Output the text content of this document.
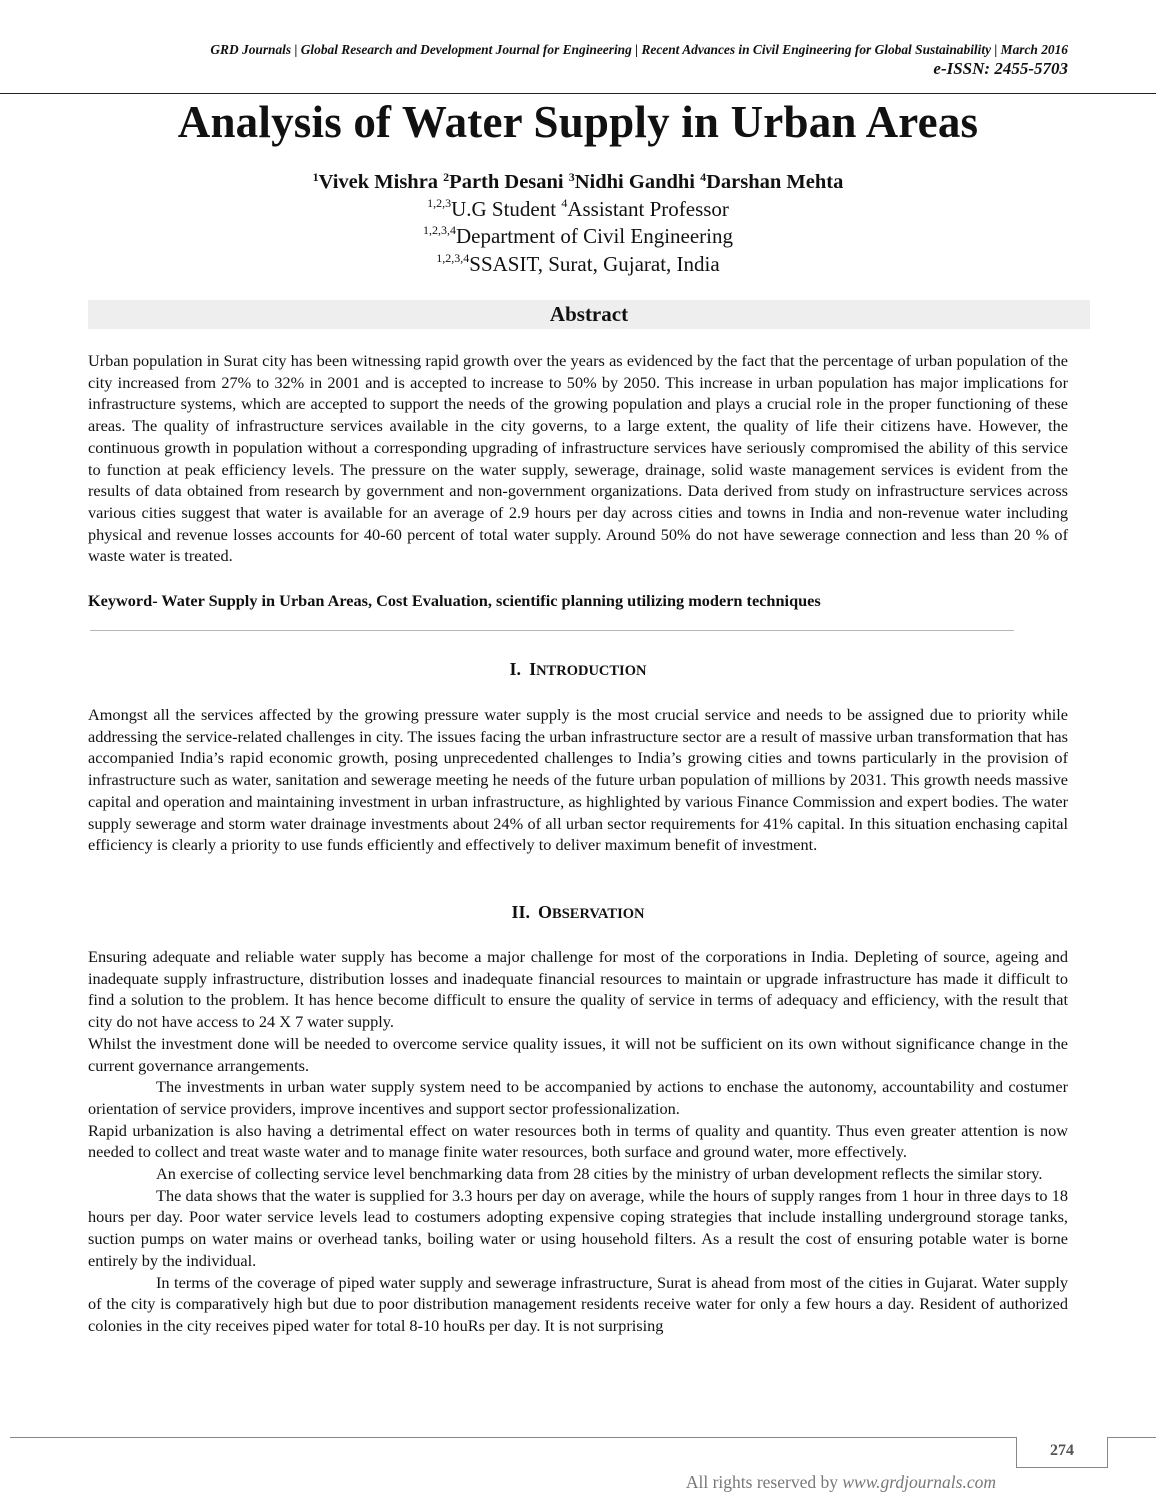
GRD Journals | Global Research and Development Journal for Engineering | Recent Advances in Civil Engineering for Global Sustainability | March 2016
e-ISSN: 2455-5703
Analysis of Water Supply in Urban Areas
$^1$Vivek Mishra $^2$Parth Desani $^3$Nidhi Gandhi $^4$Darshan Mehta
$^{1,2,3}$U.G Student $^4$Assistant Professor
$^{1,2,3,4}$Department of Civil Engineering
$^{1,2,3,4}$SSASIT, Surat, Gujarat, India
Abstract

Urban population in Surat city has been witnessing rapid growth over the years as evidenced by the fact that the percentage of urban population of the city increased from 27% to 32% in 2001 and is accepted to increase to 50% by 2050. This increase in urban population has major implications for infrastructure systems, which are accepted to support the needs of the growing population and plays a crucial role in the proper functioning of these areas. The quality of infrastructure services available in the city governs, to a large extent, the quality of life their citizens have. However, the continuous growth in population without a corresponding upgrading of infrastructure services have seriously compromised the ability of this service to function at peak efficiency levels. The pressure on the water supply, sewerage, drainage, solid waste management services is evident from the results of data obtained from research by government and non-government organizations. Data derived from study on infrastructure services across various cities suggest that water is available for an average of 2.9 hours per day across cities and towns in India and non-revenue water including physical and revenue losses accounts for 40-60 percent of total water supply. Around 50% do not have sewerage connection and less than 20 % of waste water is treated.

Keyword- Water Supply in Urban Areas, Cost Evaluation, scientific planning utilizing modern techniques
I. INTRODUCTION

Amongst all the services affected by the growing pressure water supply is the most crucial service and needs to be assigned due to priority while addressing the service-related challenges in city. The issues facing the urban infrastructure sector are a result of massive urban transformation that has accompanied India’s rapid economic growth, posing unprecedented challenges to India’s growing cities and towns particularly in the provision of infrastructure such as water, sanitation and sewerage meeting he needs of the future urban population of millions by 2031. This growth needs massive capital and operation and maintaining investment in urban infrastructure, as highlighted by various Finance Commission and expert bodies. The water supply sewerage and storm water drainage investments about 24% of all urban sector requirements for 41% capital. In this situation enchasing capital efficiency is clearly a priority to use funds efficiently and effectively to deliver maximum benefit of investment.

II. OBSERVATION

Ensuring adequate and reliable water supply has become a major challenge for most of the corporations in India. Depleting of source, ageing and inadequate supply infrastructure, distribution losses and inadequate financial resources to maintain or upgrade infrastructure has made it difficult to find a solution to the problem. It has hence become difficult to ensure the quality of service in terms of adequacy and efficiency, with the result that city do not have access to 24 X 7 water supply.

Whilst the investment done will be needed to overcome service quality issues, it will not be sufficient on its own without significance change in the current governance arrangements.

The investments in urban water supply system need to be accompanied by actions to enchase the autonomy, accountability and costumer orientation of service providers, improve incentives and support sector professionalization.

Rapid urbanization is also having a detrimental effect on water resources both in terms of quality and quantity. Thus even greater attention is now needed to collect and treat waste water and to manage finite water resources, both surface and ground water, more effectively.

An exercise of collecting service level benchmarking data from 28 cities by the ministry of urban development reflects the similar story.

The data shows that the water is supplied for 3.3 hours per day on average, while the hours of supply ranges from 1 hour in three days to 18 hours per day. Poor water service levels lead to costumers adopting expensive coping strategies that include installing underground storage tanks, suction pumps on water mains or overhead tanks, boiling water or using household filters. As a result the cost of ensuring potable water is borne entirely by the individual.

In terms of the coverage of piped water supply and sewerage infrastructure, Surat is ahead from most of the cities in Gujarat. Water supply of the city is comparatively high but due to poor distribution management residents receive water for only a few hours a day. Resident of authorized colonies in the city receives piped water for total 8-10 houRs per day. It is not surprising

274
All rights reserved by www.grdjournals.com
